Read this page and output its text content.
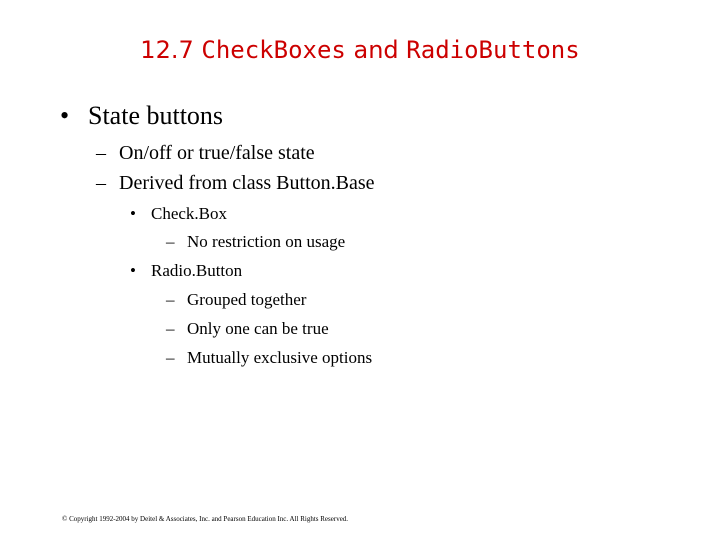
12.7 CheckBoxes and RadioButtons
• State buttons
– On/off or true/false state
– Derived from class Button.Base
• Check.Box
– No restriction on usage
• Radio.Button
– Grouped together
– Only one can be true
– Mutually exclusive options
© Copyright 1992-2004 by Deitel & Associates, Inc. and Pearson Education Inc. All Rights Reserved.
